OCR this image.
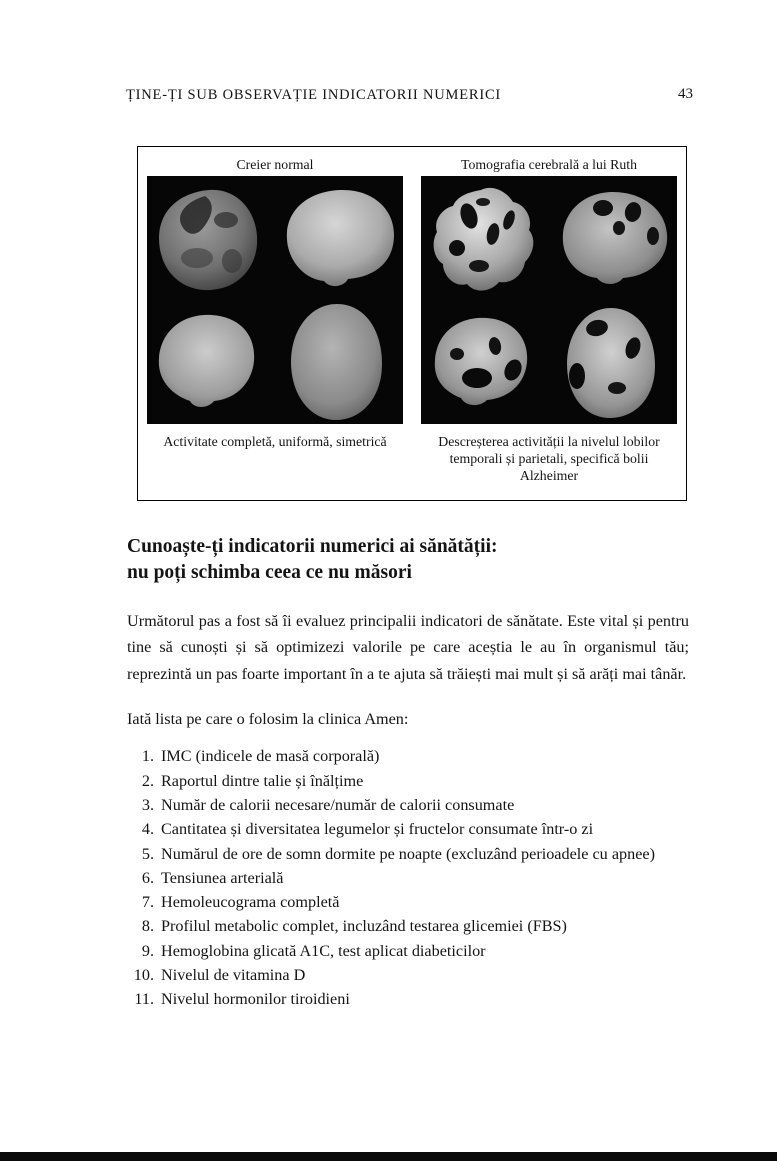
ȚINE-ȚI SUB OBSERVAȚIE INDICATORII NUMERICI	43
Creier normal
Activitate completă, uniformă, simetrică
Tomografia cerebrală a lui Ruth
Descreșterea activității la nivelul lobilor temporali și parietali, specifică bolii Alzheimer
Cunoaște-ți indicatorii numerici ai sănătății:
nu poți schimba ceea ce nu măsori

Următorul pas a fost să îi evaluez principalii indicatori de sănătate. Este vital și pentru tine să cunoști și să optimizezi valorile pe care aceștia le au în organismul tău; reprezintă un pas foarte important în a te ajuta să trăiești mai mult și să arăți mai tânăr.

Iată lista pe care o folosim la clinica Amen:

1. IMC (indicele de masă corporală)
2. Raportul dintre talie și înălțime
3. Număr de calorii necesare/număr de calorii consumate
4. Cantitatea și diversitatea legumelor și fructelor consumate într-o zi
5. Numărul de ore de somn dormite pe noapte (excluzând perioadele cu apnee)
6. Tensiunea arterială
7. Hemoleucograma completă
8. Profilul metabolic complet, incluzând testarea glicemiei (FBS)
9. Hemoglobina glicată A1C, test aplicat diabeticilor
10. Nivelul de vitamina D
11. Nivelul hormonilor tiroidieni
